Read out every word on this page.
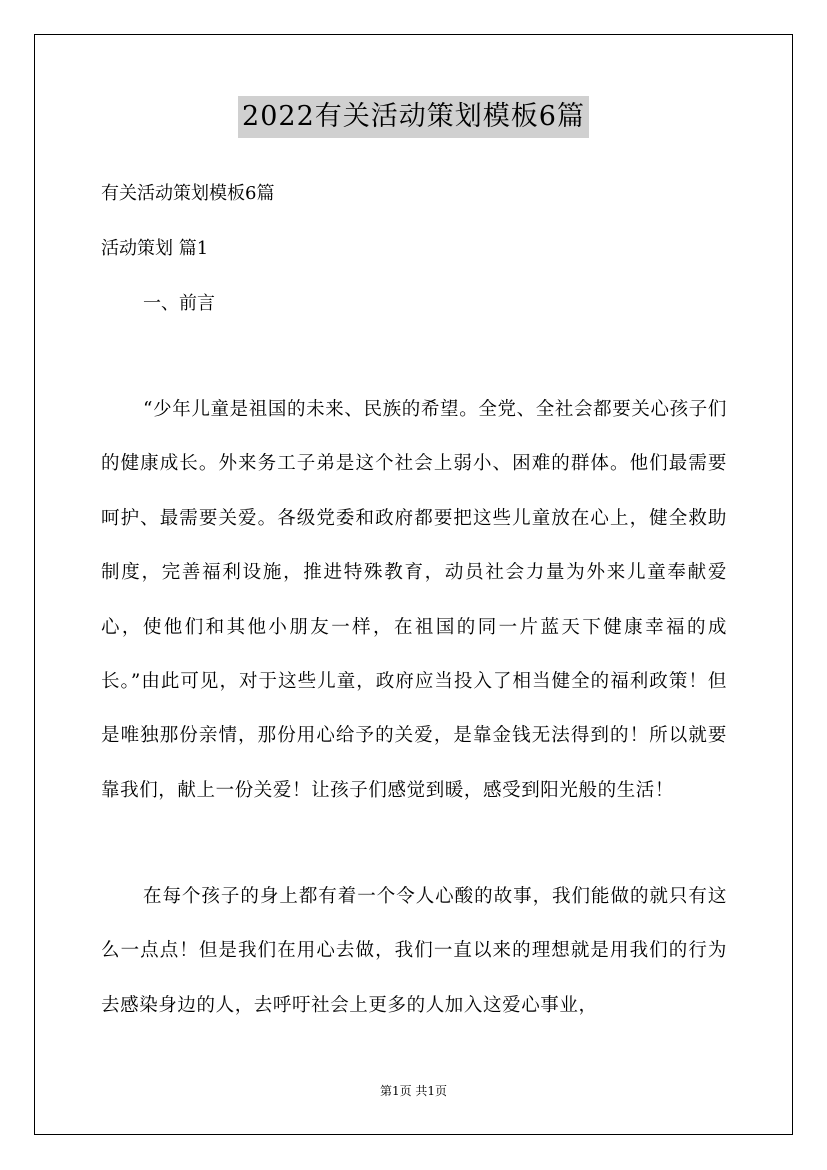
2022有关活动策划模板6篇
有关活动策划模板6篇
活动策划 篇1
一、前言

“少年儿童是祖国的未来、民族的希望。全党、全社会都要关心孩子们的健康成长。外来务工子弟是这个社会上弱小、困难的群体。他们最需要呵护、最需要关爱。各级党委和政府都要把这些儿童放在心上，健全救助制度，完善福利设施，推进特殊教育，动员社会力量为外来儿童奉献爱心，使他们和其他小朋友一样，在祖国的同一片蓝天下健康幸福的成长。”由此可见，对于这些儿童，政府应当投入了相当健全的福利政策！但是唯独那份亲情，那份用心给予的关爱，是靠金钱无法得到的！所以就要靠我们，献上一份关爱！让孩子们感觉到暖，感受到阳光般的生活！

在每个孩子的身上都有着一个令人心酸的故事，我们能做的就只有这么一点点！但是我们在用心去做，我们一直以来的理想就是用我们的行为去感染身边的人，去呼吁社会上更多的人加入这爱心事业，

第1页 共1页
